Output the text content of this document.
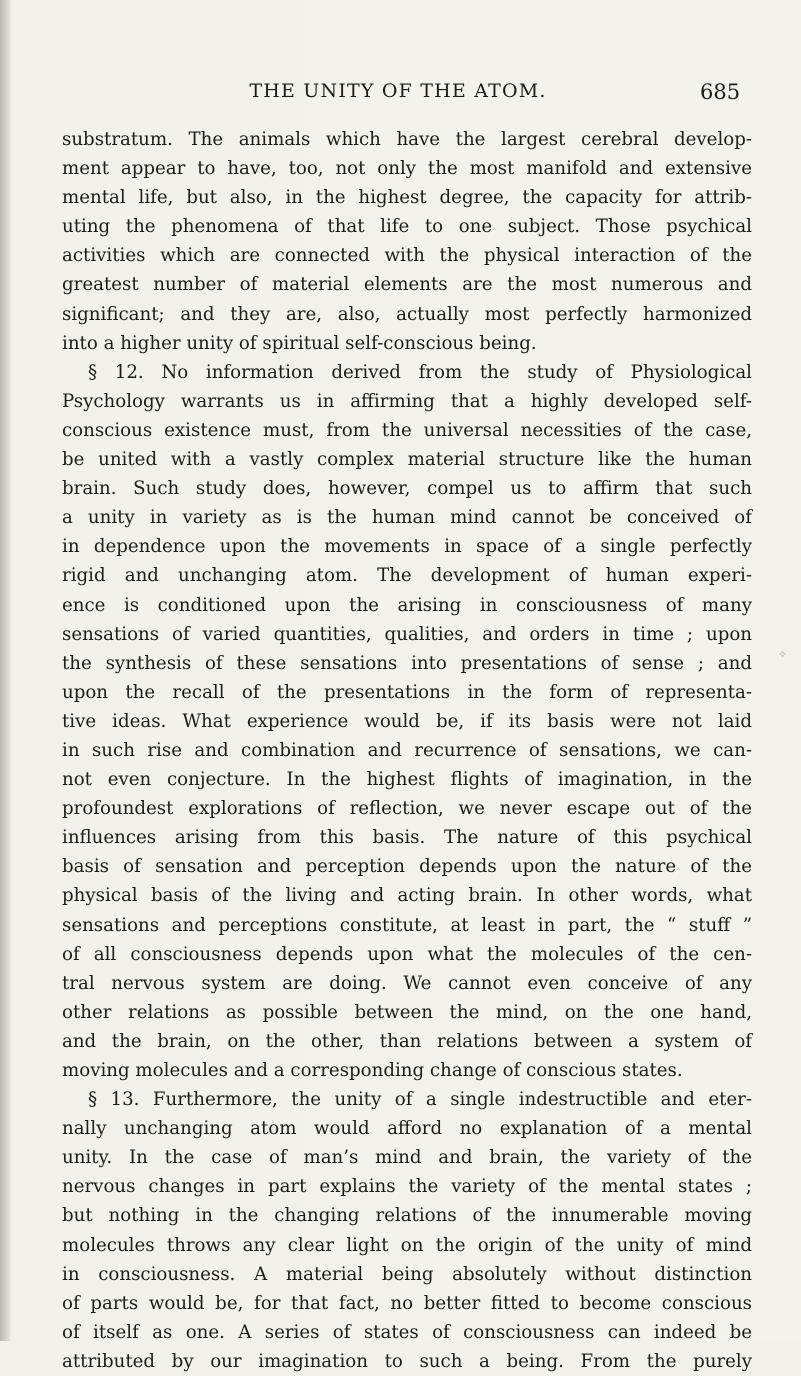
THE UNITY OF THE ATOM.	685
substratum. The animals which have the largest cerebral develop-
ment appear to have, too, not only the most manifold and extensive
mental life, but also, in the highest degree, the capacity for attrib-
uting the phenomena of that life to one subject. Those psychical
activities which are connected with the physical interaction of the
greatest number of material elements are the most numerous and
significant; and they are, also, actually most perfectly harmonized
into a higher unity of spiritual self-conscious being.
§ 12. No information derived from the study of Physiological
Psychology warrants us in affirming that a highly developed self-
conscious existence must, from the universal necessities of the case,
be united with a vastly complex material structure like the human
brain. Such study does, however, compel us to affirm that such
a unity in variety as is the human mind cannot be conceived of
in dependence upon the movements in space of a single perfectly
rigid and unchanging atom. The development of human experi-
ence is conditioned upon the arising in consciousness of many
sensations of varied quantities, qualities, and orders in time ; upon
the synthesis of these sensations into presentations of sense ; and
upon the recall of the presentations in the form of representa-
tive ideas. What experience would be, if its basis were not laid
in such rise and combination and recurrence of sensations, we can-
not even conjecture. In the highest flights of imagination, in the
profoundest explorations of reflection, we never escape out of the
influences arising from this basis. The nature of this psychical
basis of sensation and perception depends upon the nature of the
physical basis of the living and acting brain. In other words, what
sensations and perceptions constitute, at least in part, the “ stuff ”
of all consciousness depends upon what the molecules of the cen-
tral nervous system are doing. We cannot even conceive of any
other relations as possible between the mind, on the one hand,
and the brain, on the other, than relations between a system of
moving molecules and a corresponding change of conscious states.
§ 13. Furthermore, the unity of a single indestructible and eter-
nally unchanging atom would afford no explanation of a mental
unity. In the case of man’s mind and brain, the variety of the
nervous changes in part explains the variety of the mental states ;
but nothing in the changing relations of the innumerable moving
molecules throws any clear light on the origin of the unity of mind
in consciousness. A material being absolutely without distinction
of parts would be, for that fact, no better fitted to become conscious
of itself as one. A series of states of consciousness can indeed be
attributed by our imagination to such a being. From the purely
✧
